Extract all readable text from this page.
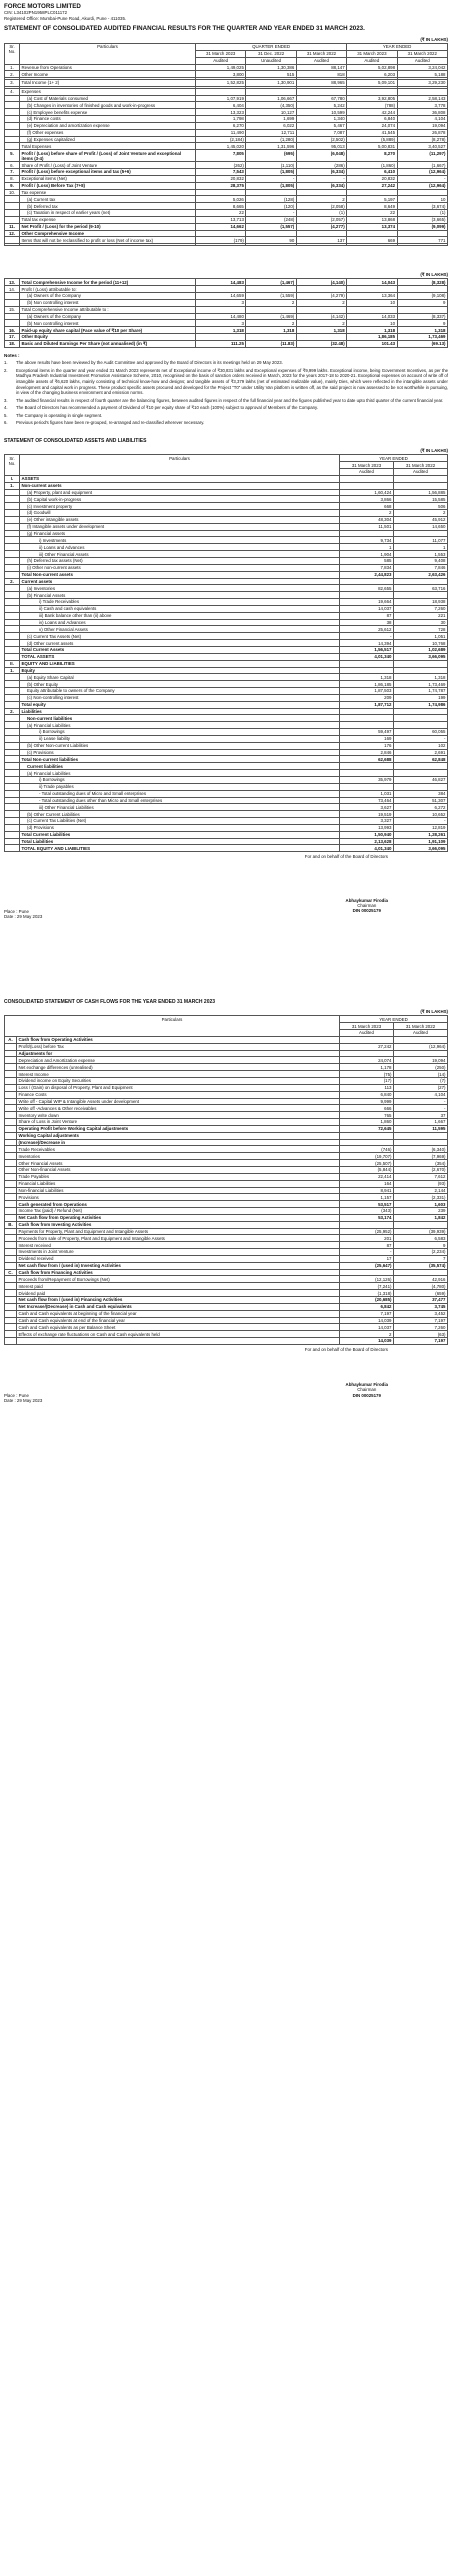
FORCE MOTORS LIMITED
CIN: L34102PN1958PLC011172
Registered Office: Mumbai-Pune Road, Akurdi, Pune - 411035.
STATEMENT OF CONSOLIDATED AUDITED FINANCIAL RESULTS FOR THE QUARTER AND YEAR ENDED 31 MARCH 2023.
(₹ IN LAKHS)
Sr. No.	Particulars	QUARTER ENDED			YEAR ENDED	
		31 March 2023	31 Dec. 2022	31 March 2022	31 March 2023	31 March 2022
		Audited	Unaudited	Audited	Audited	Audited
1.	Revenue from Operations	1,49,025	1,30,386	88,147	5,02,898	3,24,042
2.	Other Income	3,800	515	818	6,203	5,188

3.	Total Income (1+ 2)	1,52,825	1,30,901	88,965	5,09,101	3,29,230

4.	Expenses					
	(a) Cost of Materials consumed	1,07,919	1,06,667	67,780	3,92,805	2,58,143
	(b) Changes in inventories of finished goods and work-in-progress	6,404	(4,350)	5,242	(788)	3,778
	(c) Employee benefits expense	13,323	10,127	10,599	42,244	36,808
	(d) Finance costs	1,798	1,699	1,340	6,840	4,104
	(e) Depreciation and amortization expense	6,270	6,022	5,467	24,074	19,094
	(f) Other expenses	11,490	12,711	7,087	41,545	26,878
	(g) Expenses capitalized	(2,184)	(1,280)	(2,502)	(5,889)	(8,278)
	Total Expenses	1,45,020	1,31,596	95,013	5,00,831	3,40,527
5.	Profit / (Loss) before share of Profit / (Loss) of Joint Venture and exceptional items (3-4)	7,805	(695)	(6,048)	8,270	(11,297)
6.	Share of Profit / (Loss) of Joint Venture	(262)	(1,110)	(286)	(1,860)	(1,667)
7.	Profit / (Loss) before exceptional items and tax (5+6)	7,543	(1,805)	(6,334)	6,410	(12,964)
8.	Exceptional items (Net)	20,832	-	-	20,832	-
9.	Profit / (Loss) Before Tax (7+8)	28,375	(1,805)	(6,334)	27,242	(12,964)
10.	Tax expense					
	(a) Current tax	5,026	(128)	2	5,197	10
	(b) Deferred tax	8,665	(120)	(2,058)	8,649	(3,674)
	(c) Taxation in respect of earlier years (net)	22	-	(1)	22	(1)
	Total tax expense	13,713	(248)	(2,057)	13,868	(3,665)
11.	Net Profit / (Loss) for the period (9-10)	14,662	(1,557)	(4,277)	13,374	(9,099)
12.	Other Comprehensive Income					
	Items that will not be reclassified to profit or loss (Net of income tax)	(179)	90	137	669	771

(₹ IN LAKHS)
13.	Total Comprehensive Income for the period (11+12)	14,483	(1,467)	(4,140)	14,043	(8,328)
14.	Profit / (Loss) attributable to:					
	(a) Owners of the Company	14,659	(1,559)	(4,279)	13,364	(9,108)
	(b) Non controlling interest	3	2	2	10	9
15.	Total Comprehensive Income attributable to :					
	(a) Owners of the Company	14,480	(1,469)	(4,142)	14,033	(8,337)
	(b) Non controlling interest	3	2	2	10	9
16.	Paid-up equity share capital (Face value of ₹10 per Share)	1,318	1,318	1,318	1,318	1,318
17.	Other Equity				1,86,185	1,73,469
18.	Basic and Diluted Earnings Per Share (not annualised) (in ₹)	111.25	(11.83)	(32.48)	101.43	(69.13)
Notes :
1.	The above results have been reviewed by the Audit Committee and approved by the Board of Directors in its meetings held on 29 May 2023.
2.	Exceptional items in the quarter and year ended 31 March 2023 represents net of Exceptional income of ₹30,831 lakhs and Exceptional expenses of ₹9,999 lakhs. Exceptional income, being Government Incentives, as per the Madhya Pradesh Industrial Investment Promotion Assistance Scheme, 2010, recognised on the basis of sanction orders received in March, 2023 for the years 2017-18 to 2020-21. Exceptional expenses on account of write off of intangible assets of ₹6,620 lakhs, mainly consisting of technical know-how and designs; and tangible assets of ₹3,379 lakhs (net of estimated realizable value), mainly Dies, which were reflected in the intangible assets under development and capital work in progress. These product specific assets procured and developed for the Project “T0” under Utility Van platform is written off, as the said project is now assessed to be not worthwhile in pursuing, in view of the changing business environment and emission norms.
3.	The audited financial results in respect of fourth quarter are the balancing figures, between audited figures in respect of the full financial year and the figures published year to date upto third quarter of the current financial year.
4.	The Board of Directors has recommended a payment of Dividend of ₹10 per equity share of ₹10 each (100%) subject to approval of Members of the Company.
5.	The Company is operating in single segment.
6.	Previous period's figures have been re-grouped, re-arranged and re-classified wherever necessary.
STATEMENT OF CONSOLIDATED ASSETS AND LIABILITIES
(₹ IN LAKHS)
Sr. No.	Particulars	YEAR ENDED	
		31 March 2023	31 March 2022
		Audited	Audited
I.	ASSETS		
1.	Non-current assets		
	(a) Property, plant and equipment	1,60,424	1,56,885
	(b) Capital work-in-progress	3,866	15,585
	(c) Investment property	668	506
	(d) Goodwill	2	2
	(e) Other intangible assets	48,304	45,912
	(f) Intangible assets under development	11,501	14,650
	(g) Financial assets		
	i) Investments	9,734	11,077
	ii) Loans and Advances	1	1
	iii) Other Financial Assets	1,904	1,553
	(h) Deferred tax assets (Net)	585	9,408
	(i) Other non-current assets	7,834	7,846
	Total Non-current assets	2,44,823	2,63,426
2.	Current assets		
	(a) Inventories	82,655	63,716
	(b) Financial Assets		
	i) Trade Receivables	19,664	18,938
	ii) Cash and cash equivalents	14,037	7,260
	iii) Bank balance other than (ii) above	87	221
	iv) Loans and Advances	38	30
	v) Other Financial Assets	25,612	728
	(c) Current Tax Assets (Net)	-	1,051
	(d) Other current assets	14,394	10,768
	Total Current Assets	1,56,517	1,02,689
	TOTAL ASSETS	4,01,340	3,66,095
II.	EQUITY AND LIABILITIES		
1.	Equity		
	(a) Equity Share Capital	1,318	1,318
	(b) Other Equity	1,86,185	1,73,469
	Equity attributable to owners of the Company	1,87,503	1,74,787
	(c) Non-controlling interest	209	199
	Total equity	1,87,712	1,74,986
2.	Liabilities		
	Non-current liabilities		
	(a) Financial Liabilities		
	i) Borrowings	59,497	60,055
	ii) Lease liability	169	-
	(b) Other Non-current Liabilities	176	102
	(c) Provisions	2,846	2,691
	Total Non-current liabilities	62,688	62,848
	Current liabilities		
	(a) Financial Liabilities		
	i) Borrowings	35,979	46,827
	ii) Trade payables		
	- Total outstanding dues of Micro and Small enterprises	1,031	384
	- Total outstanding dues other than Micro and Small enterprises	73,464	51,307
	iii) Other Financial Liabilities	3,627	6,272
	(b) Other Current Liabilities	19,519	10,652
	(c) Current Tax Liabilities (Net)	3,327	-
	(d) Provisions	13,993	12,819
	Total Current Liabilities	1,50,940	1,28,261
	Total Liabilities	2,13,628	1,91,109
	TOTAL EQUITY AND LIABILITIES	4,01,340	3,66,095
For and on behalf of the Board of Directors
Place : Pune
Date : 29 May 2023
Abhaykumar Firodia
Chairman
DIN 00025179
CONSOLIDATED STATEMENT OF CASH FLOWS FOR THE YEAR ENDED 31 MARCH 2023
(₹ IN LAKHS)
Particulars		YEAR ENDED	
		31 March 2023	31 March 2022
		Audited	Audited
A.	Cash flow from Operating Activities		
	Profit/(Loss) before Tax	27,242	(12,964)
	Adjustments for		
	Depreciation and Amortization expense	24,074	19,094
	Net exchange differences (unrealised)	1,178	(250)
	Interest Income	(75)	(14)
	Dividend income on Equity Securities	(17)	(7)
	Loss / (Gain) on disposal of Property, Plant and Equipment	113	(27)
	Finance Costs	6,840	4,104
	Write off - Capital WIP & Intangible Assets under development	9,999	-
	Write off -Advances & Other receivables	666	-
	Inventory write down	765	37
	Share of Loss in Joint Venture	1,860	1,667
	Operating Profit before Working Capital adjustments	72,645	11,595
	Working Capital adjustments		
	(Increase)/Decrease in		
	Trade Receivables	(746)	(6,340)
	Inventories	(19,707)	(7,969)
	Other Financial Assets	(25,507)	(354)
	Other Non-financial Assets	(5,844)	(2,670)
	Trade Payables	22,414	7,612
	Financial Liabilities	164	(93)
	Non-financial Liabilities	8,941	2,144
	Provisions	1,157	(2,331)
	Cash generated from Operations	53,517	1,603
	Income Tax (paid) / Refund (Net)	(343)	239
	Net Cash flow from Operating Activities	53,174	1,842
B.	Cash flow from Investing Activities		
	Payments for Property, Plant and Equipment and Intangible Assets	(25,952)	(39,939)
	Proceeds from sale of Property, Plant and Equipment and Intangible Assets	201	6,583
	Interest received	87	9
	Investments in Joint Venture	-	(2,234)
	Dividend received	17	7
	Net cash flow from / (used in) Investing Activities	(25,647)	(35,574)
C.	Cash flow from Financing Activities		
	Proceeds from/Repayment of Borrowings (Net)	(12,126)	42,916
	Interest paid	(7,241)	(4,780)
	Dividend paid	(1,318)	(659)
	Net cash flow from / (used in) Financing Activities	(20,685)	37,477
	Net Increase/(Decrease) in Cash and Cash equivalents	6,842	3,745
	Cash and Cash equivalents at beginning of the financial year	7,197	3,452
	Cash and Cash equivalents at end of the financial year	14,039	7,197
	Cash and Cash equivalents as per Balance Sheet	14,037	7,260
	Effects of exchange rate fluctuations on Cash and Cash equivalents held	2	(63)
		14,039	7,197
For and on behalf of the Board of Directors
Place : Pune
Date : 29 May 2023
Abhaykumar Firodia
Chairman
DIN 00025179
